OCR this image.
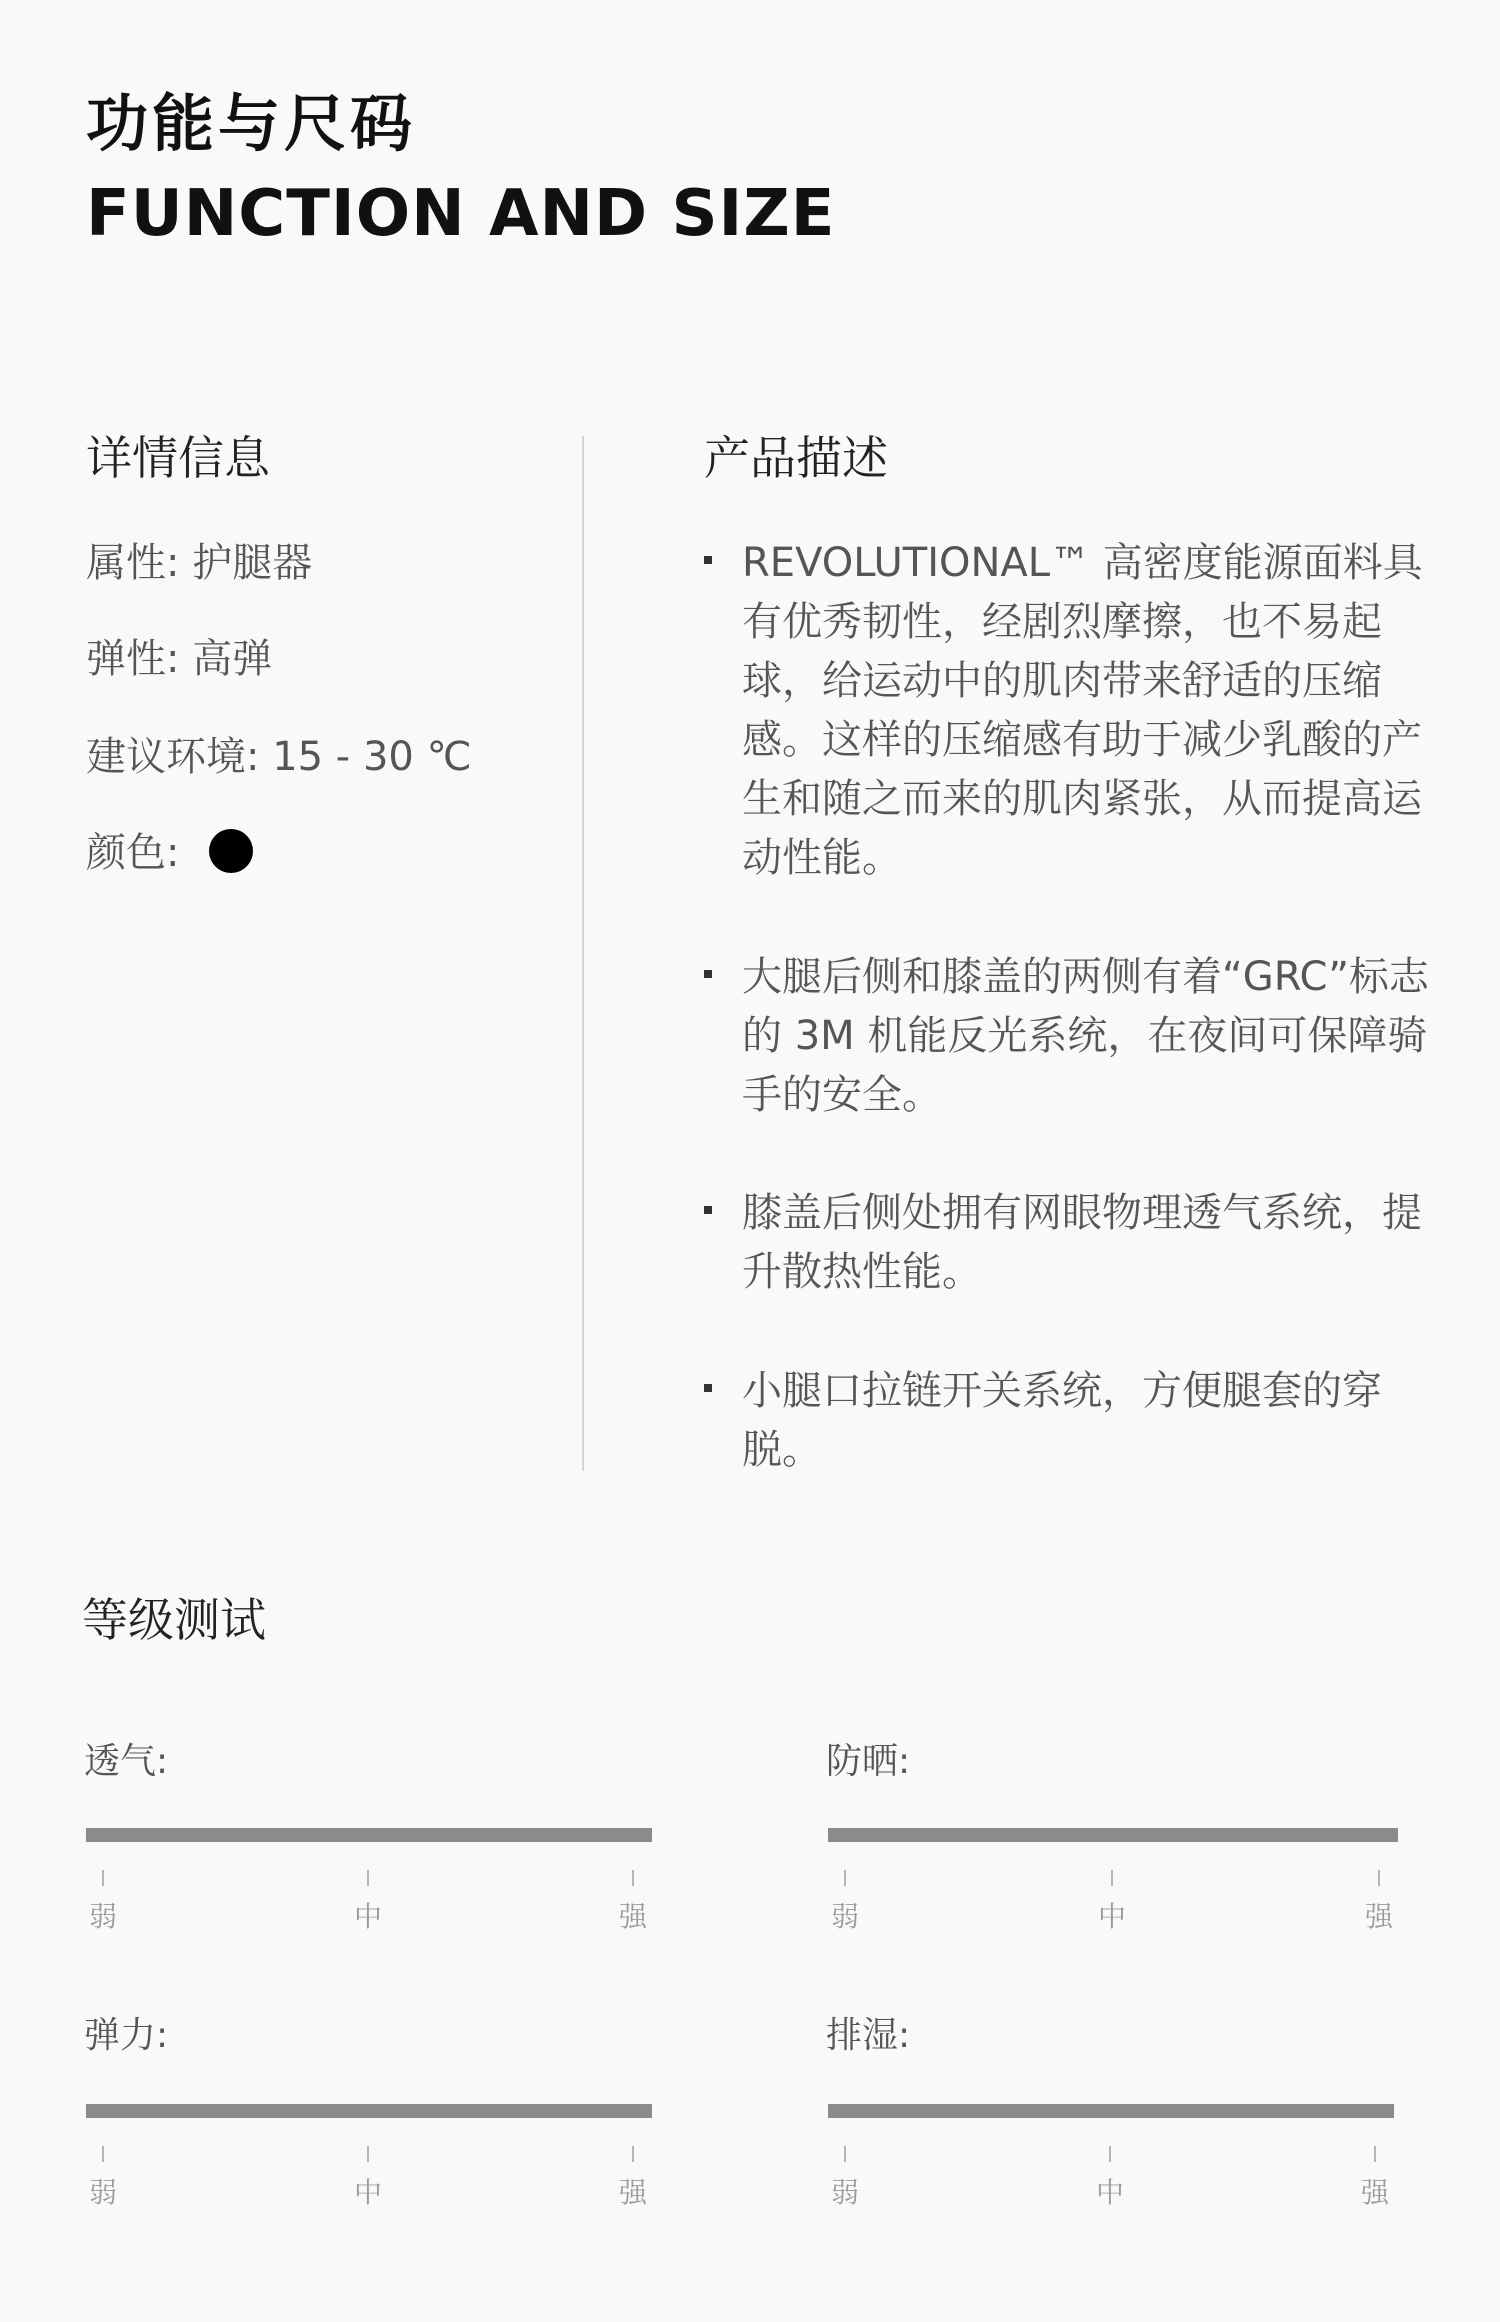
功能与尺码
FUNCTION AND SIZE
详情信息
属性: 护腿器
弹性: 高弹
建议环境: 15 - 30 ℃
颜色:
产品描述
REVOLUTIONAL™ 高密度能源面料具有优秀韧性，经剧烈摩擦，也不易起球，给运动中的肌肉带来舒适的压缩感。这样的压缩感有助于减少乳酸的产生和随之而来的肌肉紧张，从而提高运动性能。
大腿后侧和膝盖的两侧有着“GRC”标志的 3M 机能反光系统，在夜间可保障骑手的安全。
膝盖后侧处拥有网眼物理透气系统，提升散热性能。
小腿口拉链开关系统，方便腿套的穿脱。
等级测试
透气:
弱	中	强
防晒:
弱	中	强
弹力:
弱	中	强
排湿:
弱	中	强
